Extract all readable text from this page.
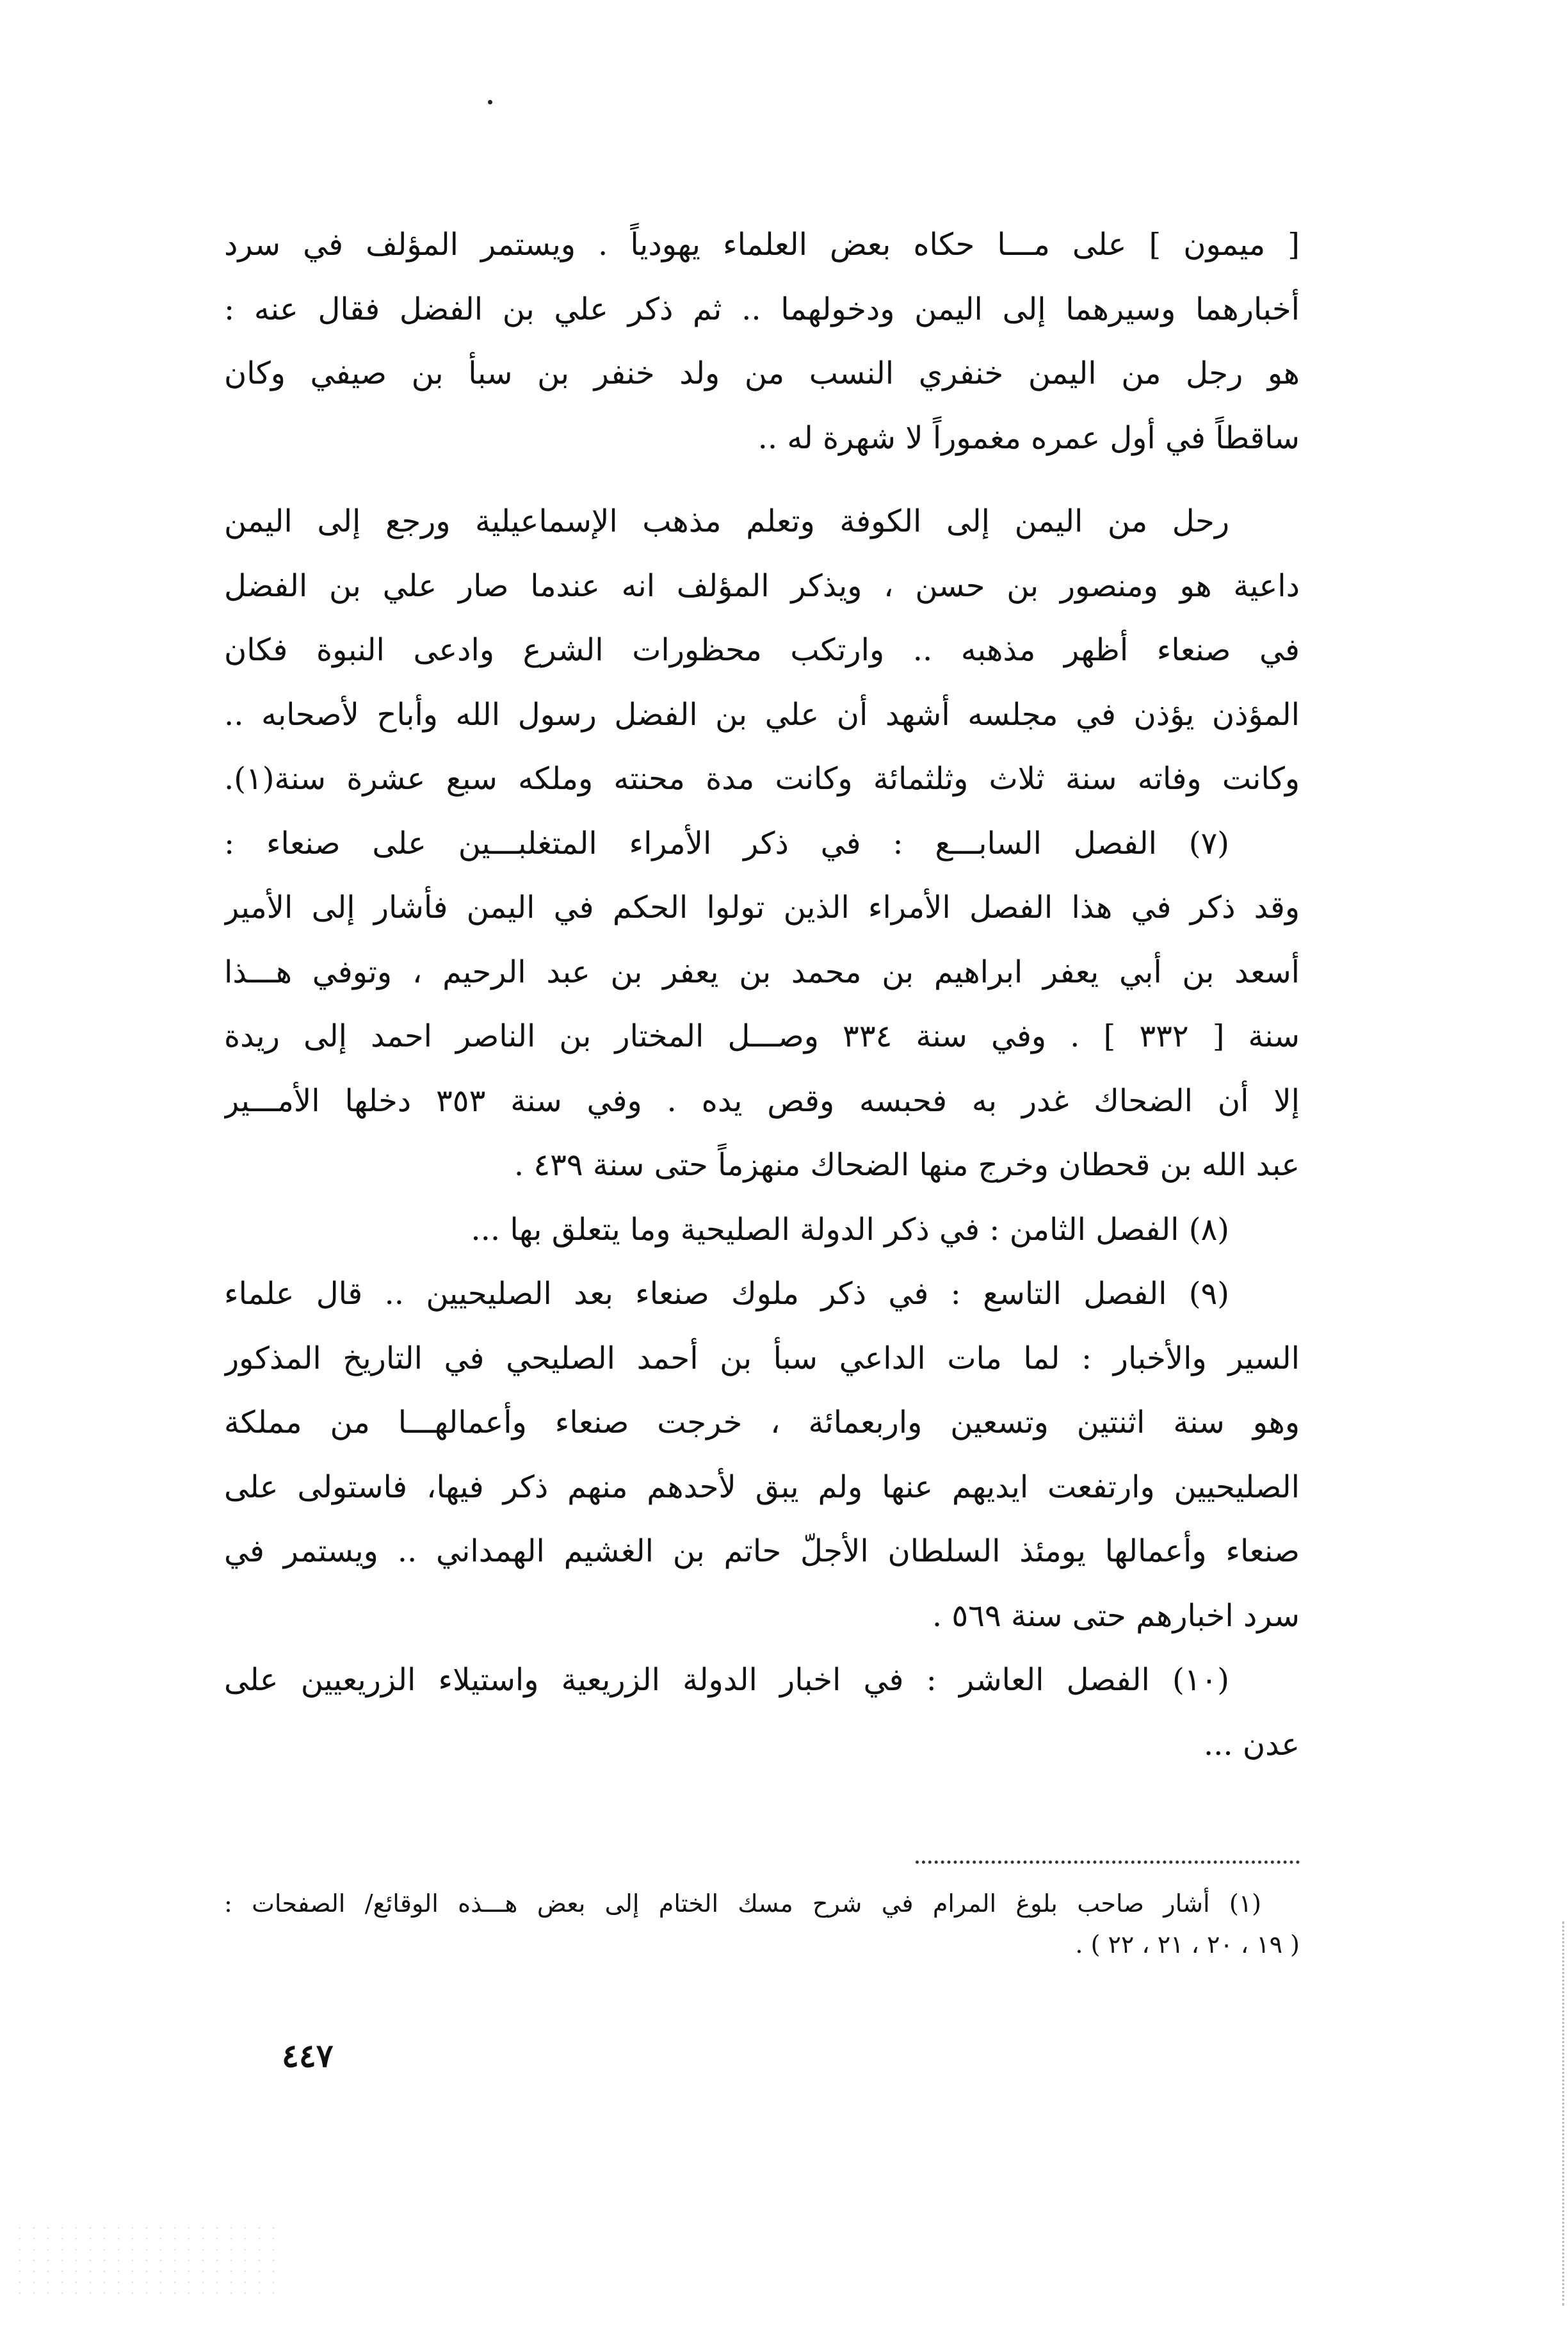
[ ميمون ] على مـــا حكاه بعض العلماء يهودياً . ويستمر المؤلف في سرد
أخبارهما وسيرهما إلى اليمن ودخولهما .. ثم ذكر علي بن الفضل فقال عنه :
هو رجل من اليمن خنفري النسب من ولد خنفر بن سبأ بن صيفي وكان
ساقطاً في أول عمره مغموراً لا شهرة له ..
رحل من اليمن إلى الكوفة وتعلم مذهب الإسماعيلية ورجع إلى اليمن
داعية هو ومنصور بن حسن ، ويذكر المؤلف انه عندما صار علي بن الفضل
في صنعاء أظهر مذهبه .. وارتكب محظورات الشرع وادعى النبوة فكان
المؤذن يؤذن في مجلسه أشهد أن علي بن الفضل رسول الله وأباح لأصحابه ..
وكانت وفاته سنة ثلاث وثلثمائة وكانت مدة محنته وملكه سبع عشرة سنة(١).
(٧) الفصل السابـــع : في ذكر الأمراء المتغلبـــين على صنعاء :
وقد ذكر في هذا الفصل الأمراء الذين تولوا الحكم في اليمن فأشار إلى الأمير
أسعد بن أبي يعفر ابراهيم بن محمد بن يعفر بن عبد الرحيم ، وتوفي هـــذا
سنة [ ٣٣٢ ] . وفي سنة ٣٣٤ وصـــل المختار بن الناصر احمد إلى ريدة
إلا أن الضحاك غدر به فحبسه وقص يده . وفي سنة ٣٥٣ دخلها الأمـــير
عبد الله بن قحطان وخرج منها الضحاك منهزماً حتى سنة ٤٣٩ .
(٨) الفصل الثامن : في ذكر الدولة الصليحية وما يتعلق بها ...
(٩) الفصل التاسع : في ذكر ملوك صنعاء بعد الصليحيين .. قال علماء
السير والأخبار : لما مات الداعي سبأ بن أحمد الصليحي في التاريخ المذكور
وهو سنة اثنتين وتسعين واربعمائة ، خرجت صنعاء وأعمالهـــا من مملكة
الصليحيين وارتفعت ايديهم عنها ولم يبق لأحدهم منهم ذكر فيها، فاستولى على
صنعاء وأعمالها يومئذ السلطان الأجلّ حاتم بن الغشيم الهمداني .. ويستمر في
سرد اخبارهم حتى سنة ٥٦٩ .
(١٠) الفصل العاشر : في اخبار الدولة الزريعية واستيلاء الزريعيين على
عدن ...
(١) أشار صاحب بلوغ المرام في شرح مسك الختام إلى بعض هـــذه الوقائع/ الصفحات :
( ١٩ ، ٢٠ ، ٢١ ، ٢٢ ) .
٤٤٧
